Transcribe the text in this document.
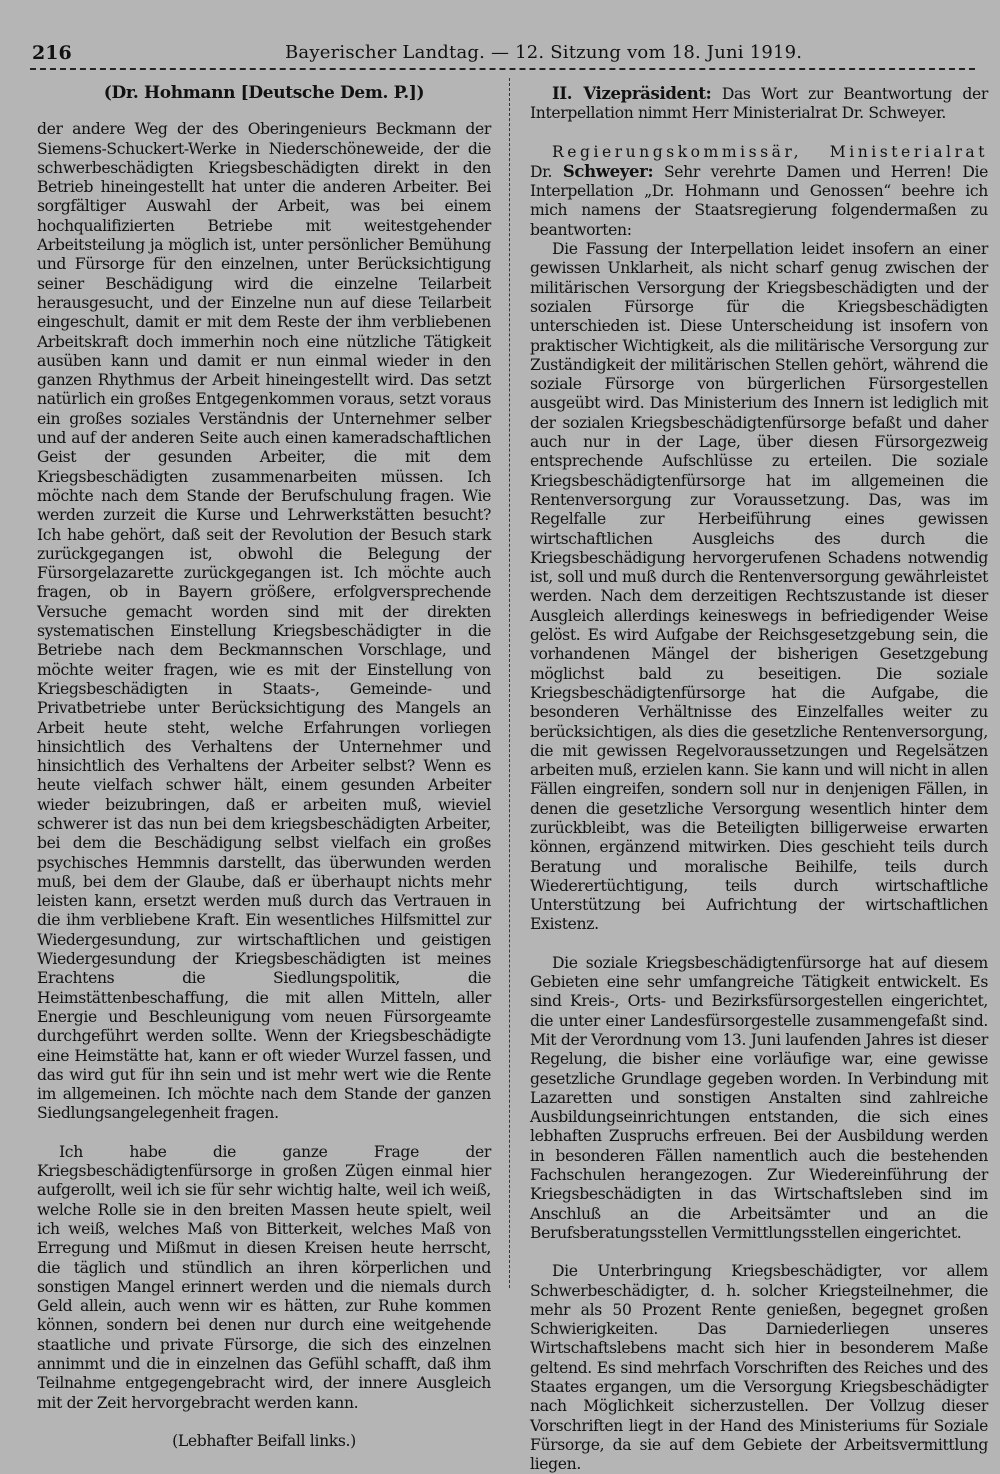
216	Bayerischer Landtag. — 12. Sitzung vom 18. Juni 1919.

(Dr. Hohmann [Deutsche Dem. P.])

der andere Weg der des Oberingenieurs Beckmann der Siemens-Schuckert-Werke in Niederschöneweide, der die schwerbeschädigten Kriegsbeschädigten direkt in den Betrieb hineingestellt hat unter die anderen Arbeiter. Bei sorgfältiger Auswahl der Arbeit, was bei einem hochqualifizierten Betriebe mit weitestgehender Arbeitsteilung ja möglich ist, unter persönlicher Bemühung und Fürsorge für den einzelnen, unter Berücksichtigung seiner Beschädigung wird die einzelne Teilarbeit herausgesucht, und der Einzelne nun auf diese Teilarbeit eingeschult, damit er mit dem Reste der ihm verbliebenen Arbeitskraft doch immerhin noch eine nützliche Tätigkeit ausüben kann und damit er nun einmal wieder in den ganzen Rhythmus der Arbeit hineingestellt wird. Das setzt natürlich ein großes Entgegenkommen voraus, setzt voraus ein großes soziales Verständnis der Unternehmer selber und auf der anderen Seite auch einen kameradschaftlichen Geist der gesunden Arbeiter, die mit dem Kriegsbeschädigten zusammenarbeiten müssen. Ich möchte nach dem Stande der Berufschulung fragen. Wie werden zurzeit die Kurse und Lehrwerkstätten besucht? Ich habe gehört, daß seit der Revolution der Besuch stark zurückgegangen ist, obwohl die Belegung der Fürsorgelazarette zurückgegangen ist. Ich möchte auch fragen, ob in Bayern größere, erfolgversprechende Versuche gemacht worden sind mit der direkten systematischen Einstellung Kriegsbeschädigter in die Betriebe nach dem Beckmannschen Vorschlage, und möchte weiter fragen, wie es mit der Einstellung von Kriegsbeschädigten in Staats-, Gemeinde- und Privatbetriebe unter Berücksichtigung des Mangels an Arbeit heute steht, welche Erfahrungen vorliegen hinsichtlich des Verhaltens der Unternehmer und hinsichtlich des Verhaltens der Arbeiter selbst? Wenn es heute vielfach schwer hält, einem gesunden Arbeiter wieder beizubringen, daß er arbeiten muß, wieviel schwerer ist das nun bei dem kriegsbeschädigten Arbeiter, bei dem die Beschädigung selbst vielfach ein großes psychisches Hemmnis darstellt, das überwunden werden muß, bei dem der Glaube, daß er überhaupt nichts mehr leisten kann, ersetzt werden muß durch das Vertrauen in die ihm verbliebene Kraft. Ein wesentliches Hilfsmittel zur Wiedergesundung, zur wirtschaftlichen und geistigen Wiedergesundung der Kriegsbeschädigten ist meines Erachtens die Siedlungspolitik, die Heimstättenbeschaffung, die mit allen Mitteln, aller Energie und Beschleunigung vom neuen Fürsorgeamte durchgeführt werden sollte. Wenn der Kriegsbeschädigte eine Heimstätte hat, kann er oft wieder Wurzel fassen, und das wird gut für ihn sein und ist mehr wert wie die Rente im allgemeinen. Ich möchte nach dem Stande der ganzen Siedlungsangelegenheit fragen.

Ich habe die ganze Frage der Kriegsbeschädigtenfürsorge in großen Zügen einmal hier aufgerollt, weil ich sie für sehr wichtig halte, weil ich weiß, welche Rolle sie in den breiten Massen heute spielt, weil ich weiß, welches Maß von Bitterkeit, welches Maß von Erregung und Mißmut in diesen Kreisen heute herrscht, die täglich und stündlich an ihren körperlichen und sonstigen Mangel erinnert werden und die niemals durch Geld allein, auch wenn wir es hätten, zur Ruhe kommen können, sondern bei denen nur durch eine weitgehende staatliche und private Fürsorge, die sich des einzelnen annimmt und die in einzelnen das Gefühl schafft, daß ihm Teilnahme entgegengebracht wird, der innere Ausgleich mit der Zeit hervorgebracht werden kann.

(Lebhafter Beifall links.)

II. Vizepräsident: Das Wort zur Beantwortung der Interpellation nimmt Herr Ministerialrat Dr. Schweyer.

Regierungskommissär, Ministerialrat Dr. Schweyer: Sehr verehrte Damen und Herren! Die Interpellation „Dr. Hohmann und Genossen“ beehre ich mich namens der Staatsregierung folgendermaßen zu beantworten:

Die Fassung der Interpellation leidet insofern an einer gewissen Unklarheit, als nicht scharf genug zwischen der militärischen Versorgung der Kriegsbeschädigten und der sozialen Fürsorge für die Kriegsbeschädigten unterschieden ist. Diese Unterscheidung ist insofern von praktischer Wichtigkeit, als die militärische Versorgung zur Zuständigkeit der militärischen Stellen gehört, während die soziale Fürsorge von bürgerlichen Fürsorgestellen ausgeübt wird. Das Ministerium des Innern ist lediglich mit der sozialen Kriegsbeschädigtenfürsorge befaßt und daher auch nur in der Lage, über diesen Fürsorgezweig entsprechende Aufschlüsse zu erteilen. Die soziale Kriegsbeschädigtenfürsorge hat im allgemeinen die Rentenversorgung zur Voraussetzung. Das, was im Regelfalle zur Herbeiführung eines gewissen wirtschaftlichen Ausgleichs des durch die Kriegsbeschädigung hervorgerufenen Schadens notwendig ist, soll und muß durch die Rentenversorgung gewährleistet werden. Nach dem derzeitigen Rechtszustande ist dieser Ausgleich allerdings keineswegs in befriedigender Weise gelöst. Es wird Aufgabe der Reichsgesetzgebung sein, die vorhandenen Mängel der bisherigen Gesetzgebung möglichst bald zu beseitigen. Die soziale Kriegsbeschädigtenfürsorge hat die Aufgabe, die besonderen Verhältnisse des Einzelfalles weiter zu berücksichtigen, als dies die gesetzliche Rentenversorgung, die mit gewissen Regelvoraussetzungen und Regelsätzen arbeiten muß, erzielen kann. Sie kann und will nicht in allen Fällen eingreifen, sondern soll nur in denjenigen Fällen, in denen die gesetzliche Versorgung wesentlich hinter dem zurückbleibt, was die Beteiligten billigerweise erwarten können, ergänzend mitwirken. Dies geschieht teils durch Beratung und moralische Beihilfe, teils durch Wiederertüchtigung, teils durch wirtschaftliche Unterstützung bei Aufrichtung der wirtschaftlichen Existenz.

Die soziale Kriegsbeschädigtenfürsorge hat auf diesem Gebieten eine sehr umfangreiche Tätigkeit entwickelt. Es sind Kreis-, Orts- und Bezirksfürsorgestellen eingerichtet, die unter einer Landesfürsorgestelle zusammengefaßt sind. Mit der Verordnung vom 13. Juni laufenden Jahres ist dieser Regelung, die bisher eine vorläufige war, eine gewisse gesetzliche Grundlage gegeben worden. In Verbindung mit Lazaretten und sonstigen Anstalten sind zahlreiche Ausbildungseinrichtungen entstanden, die sich eines lebhaften Zuspruchs erfreuen. Bei der Ausbildung werden in besonderen Fällen namentlich auch die bestehenden Fachschulen herangezogen. Zur Wiedereinführung der Kriegsbeschädigten in das Wirtschaftsleben sind im Anschluß an die Arbeitsämter und an die Berufsberatungsstellen Vermittlungsstellen eingerichtet.

Die Unterbringung Kriegsbeschädigter, vor allem Schwerbeschädigter, d. h. solcher Kriegsteilnehmer, die mehr als 50 Prozent Rente genießen, begegnet großen Schwierigkeiten. Das Darniederliegen unseres Wirtschaftslebens macht sich hier in besonderem Maße geltend. Es sind mehrfach Vorschriften des Reiches und des Staates ergangen, um die Versorgung Kriegsbeschädigter nach Möglichkeit sicherzustellen. Der Vollzug dieser Vorschriften liegt in der Hand des Ministeriums für Soziale Fürsorge, da sie auf dem Gebiete der Arbeitsvermittlung liegen.
